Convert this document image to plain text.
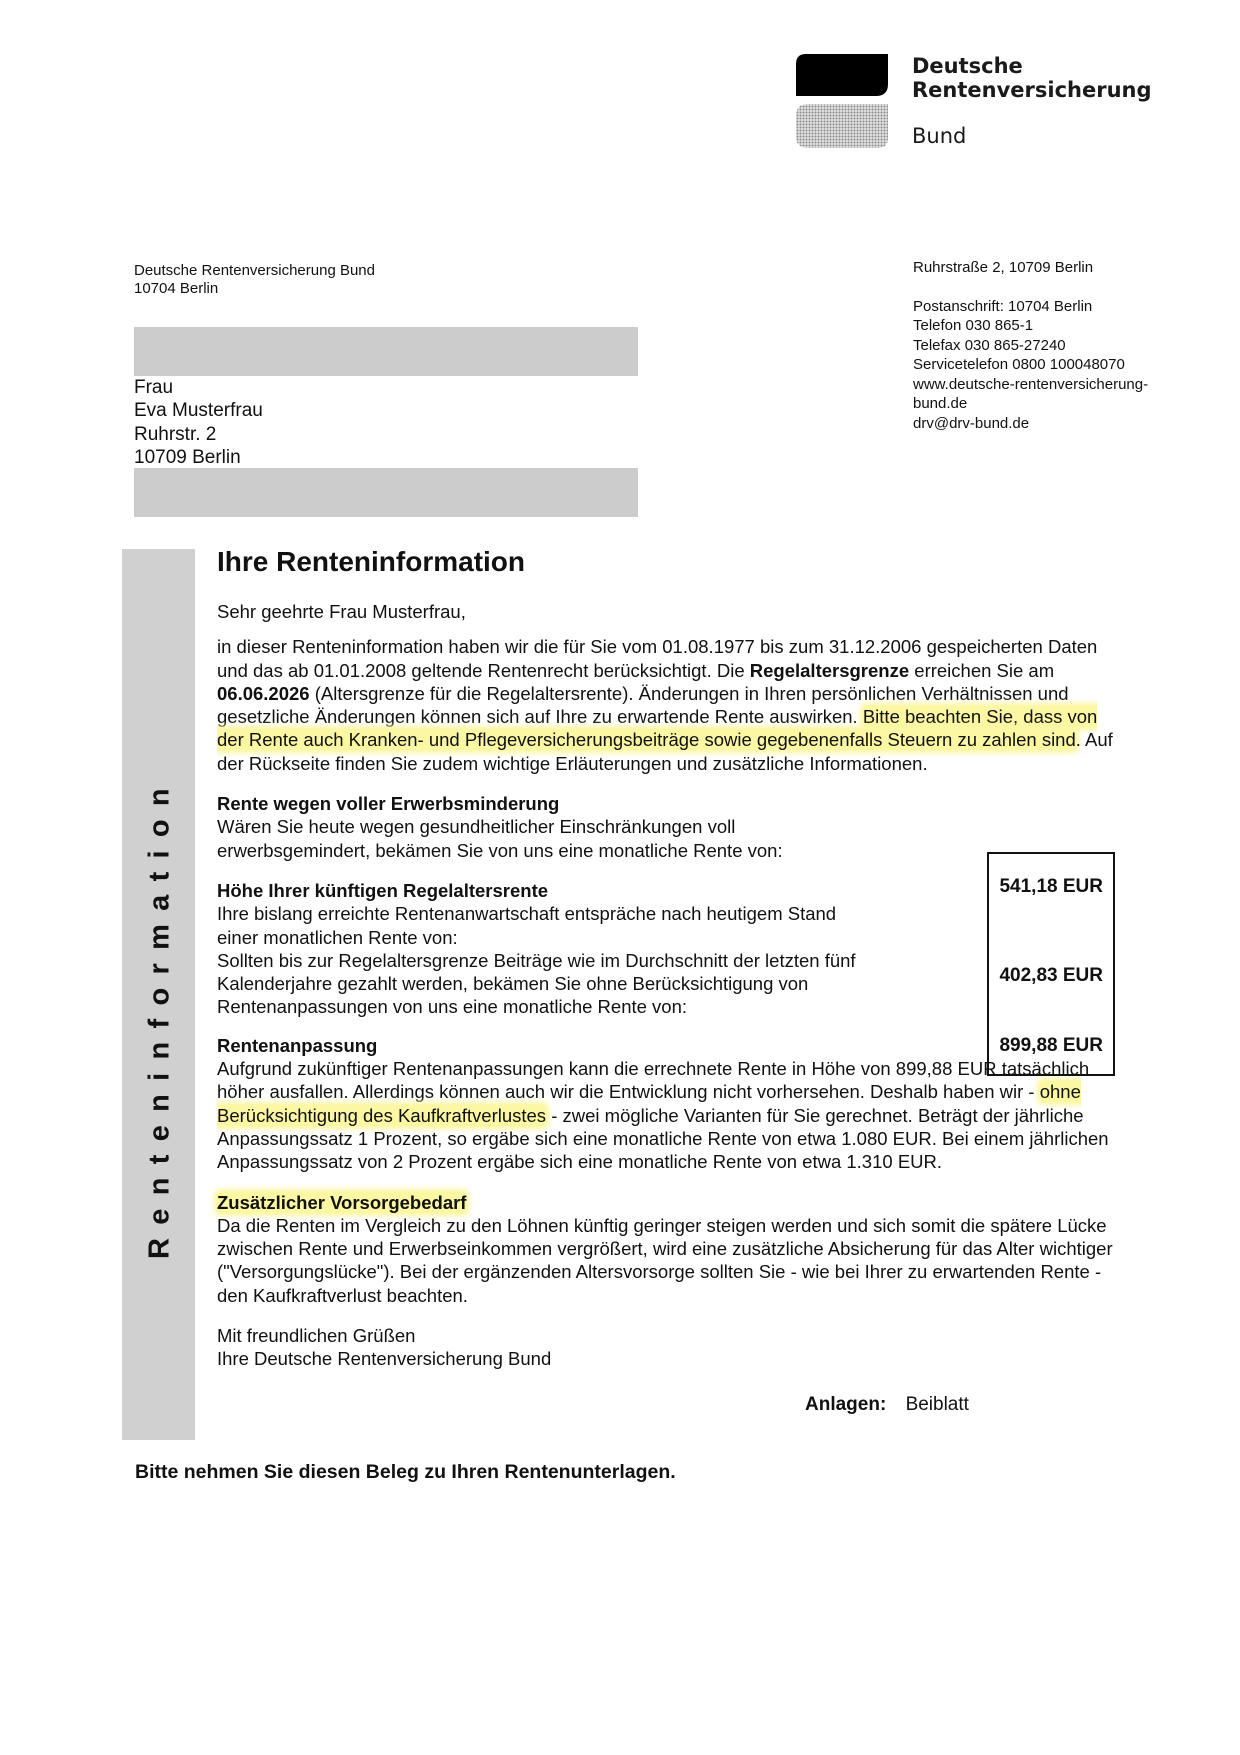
Deutsche
Rentenversicherung
Bund
Deutsche Rentenversicherung Bund
10704 Berlin
Ruhrstraße 2, 10709 Berlin
Postanschrift: 10704 Berlin
Telefon 030 865-1
Telefax 030 865-27240
Servicetelefon 0800 100048070
www.deutsche-rentenversicherung-
bund.de
drv@drv-bund.de
Frau
Eva Musterfrau
Ruhrstr. 2
10709 Berlin
Renteninformation
Ihre Renteninformation
Sehr geehrte Frau Musterfrau,
in dieser Renteninformation haben wir die für Sie vom 01.08.1977 bis zum 31.12.2006 gespeicherten Daten und das ab 01.01.2008 geltende Rentenrecht berücksichtigt. Die Regelaltersgrenze erreichen Sie am 06.06.2026 (Altersgrenze für die Regelaltersrente). Änderungen in Ihren persönlichen Verhältnissen und gesetzliche Änderungen können sich auf Ihre zu erwartende Rente auswirken. Bitte beachten Sie, dass von der Rente auch Kranken- und Pflegeversicherungsbeiträge sowie gegebenenfalls Steuern zu zahlen sind. Auf der Rückseite finden Sie zudem wichtige Erläuterungen und zusätzliche Informationen.
Rente wegen voller Erwerbsminderung
Wären Sie heute wegen gesundheitlicher Einschränkungen voll
erwerbsgemindert, bekämen Sie von uns eine monatliche Rente von:
Höhe Ihrer künftigen Regelaltersrente
Ihre bislang erreichte Rentenanwartschaft entspräche nach heutigem Stand
einer monatlichen Rente von:
Sollten bis zur Regelaltersgrenze Beiträge wie im Durchschnitt der letzten fünf
Kalenderjahre gezahlt werden, bekämen Sie ohne Berücksichtigung von
Rentenanpassungen von uns eine monatliche Rente von:
Rentenanpassung
Aufgrund zukünftiger Rentenanpassungen kann die errechnete Rente in Höhe von 899,88 EUR tatsächlich höher ausfallen. Allerdings können auch wir die Entwicklung nicht vorhersehen. Deshalb haben wir - ohne Berücksichtigung des Kaufkraftverlustes - zwei mögliche Varianten für Sie gerechnet. Beträgt der jährliche Anpassungssatz 1 Prozent, so ergäbe sich eine monatliche Rente von etwa 1.080 EUR. Bei einem jährlichen Anpassungssatz von 2 Prozent ergäbe sich eine monatliche Rente von etwa 1.310 EUR.
Zusätzlicher Vorsorgebedarf
Da die Renten im Vergleich zu den Löhnen künftig geringer steigen werden und sich somit die spätere Lücke zwischen Rente und Erwerbseinkommen vergrößert, wird eine zusätzliche Absicherung für das Alter wichtiger ("Versorgungslücke"). Bei der ergänzenden Altersvorsorge sollten Sie - wie bei Ihrer zu erwartenden Rente - den Kaufkraftverlust beachten.
Mit freundlichen Grüßen
Ihre Deutsche Rentenversicherung Bund
541,18 EUR
402,83 EUR
899,88 EUR
Anlagen: Beiblatt
Bitte nehmen Sie diesen Beleg zu Ihren Rentenunterlagen.
